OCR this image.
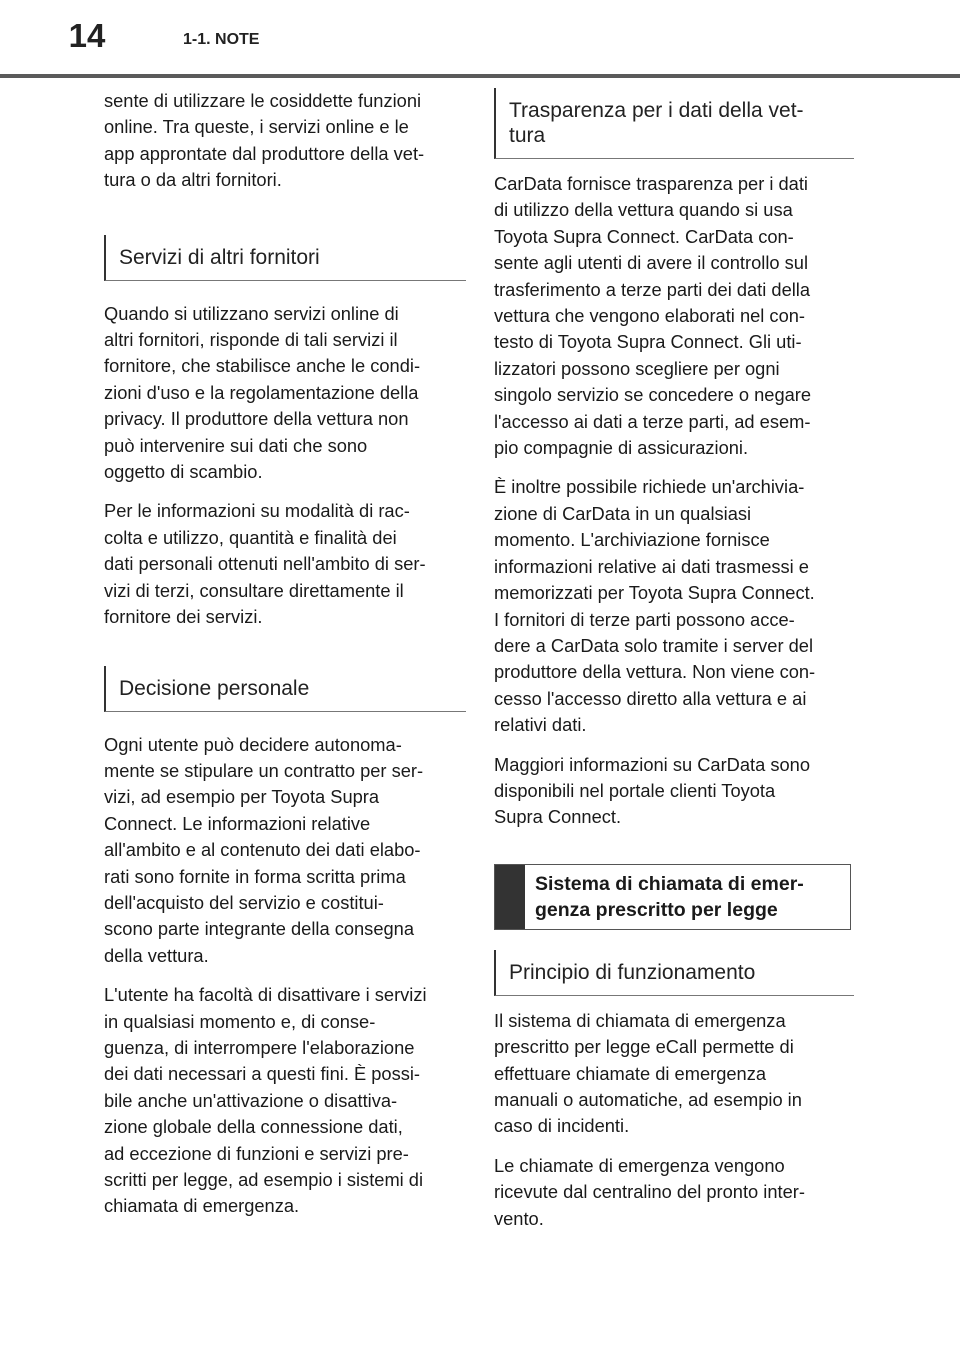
14	1-1. NOTE

sente di utilizzare le cosiddette funzioni
online. Tra queste, i servizi online e le
app approntate dal produttore della vet-
tura o da altri fornitori.

Servizi di altri fornitori

Quando si utilizzano servizi online di
altri fornitori, risponde di tali servizi il
fornitore, che stabilisce anche le condi-
zioni d'uso e la regolamentazione della
privacy. Il produttore della vettura non
può intervenire sui dati che sono
oggetto di scambio.

Per le informazioni su modalità di rac-
colta e utilizzo, quantità e finalità dei
dati personali ottenuti nell'ambito di ser-
vizi di terzi, consultare direttamente il
fornitore dei servizi.

Decisione personale

Ogni utente può decidere autonoma-
mente se stipulare un contratto per ser-
vizi, ad esempio per Toyota Supra
Connect. Le informazioni relative
all'ambito e al contenuto dei dati elabo-
rati sono fornite in forma scritta prima
dell'acquisto del servizio e costitui-
scono parte integrante della consegna
della vettura.

L'utente ha facoltà di disattivare i servizi
in qualsiasi momento e, di conse-
guenza, di interrompere l'elaborazione
dei dati necessari a questi fini. È possi-
bile anche un'attivazione o disattiva-
zione globale della connessione dati,
ad eccezione di funzioni e servizi pre-
scritti per legge, ad esempio i sistemi di
chiamata di emergenza.

Trasparenza per i dati della vet-
tura

CarData fornisce trasparenza per i dati
di utilizzo della vettura quando si usa
Toyota Supra Connect. CarData con-
sente agli utenti di avere il controllo sul
trasferimento a terze parti dei dati della
vettura che vengono elaborati nel con-
testo di Toyota Supra Connect. Gli uti-
lizzatori possono scegliere per ogni
singolo servizio se concedere o negare
l'accesso ai dati a terze parti, ad esem-
pio compagnie di assicurazioni.

È inoltre possibile richiede un'archivia-
zione di CarData in un qualsiasi
momento. L'archiviazione fornisce
informazioni relative ai dati trasmessi e
memorizzati per Toyota Supra Connect.
I fornitori di terze parti possono acce-
dere a CarData solo tramite i server del
produttore della vettura. Non viene con-
cesso l'accesso diretto alla vettura e ai
relativi dati.

Maggiori informazioni su CarData sono
disponibili nel portale clienti Toyota
Supra Connect.

Sistema di chiamata di emer-
genza prescritto per legge
Principio di funzionamento

Il sistema di chiamata di emergenza
prescritto per legge eCall permette di
effettuare chiamate di emergenza
manuali o automatiche, ad esempio in
caso di incidenti.

Le chiamate di emergenza vengono
ricevute dal centralino del pronto inter-
vento.
